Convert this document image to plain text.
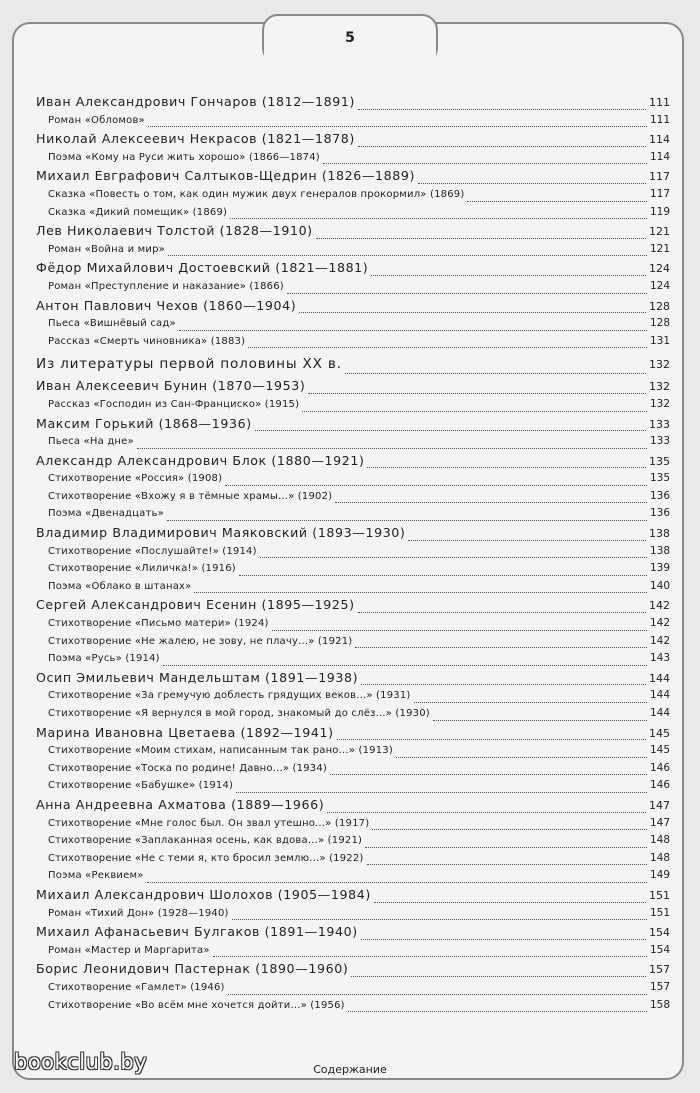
5
Иван Александрович Гончаров (1812—1891)	111
Роман «Обломов»	111
Николай Алексеевич Некрасов (1821—1878)	114
Поэма «Кому на Руси жить хорошо» (1866—1874)	114
Михаил Евграфович Салтыков-Щедрин (1826—1889)	117
Сказка «Повесть о том, как один мужик двух генералов прокормил» (1869)	117
Сказка «Дикий помещик» (1869)	119
Лев Николаевич Толстой (1828—1910)	121
Роман «Война и мир»	121
Фёдор Михайлович Достоевский (1821—1881)	124
Роман «Преступление и наказание» (1866)	124
Антон Павлович Чехов (1860—1904)	128
Пьеса «Вишнёвый сад»	128
Рассказ «Смерть чиновника» (1883)	131
Из литературы первой половины XX в.	132
Иван Алексеевич Бунин (1870—1953)	132
Рассказ «Господин из Сан-Франциско» (1915)	132
Максим Горький (1868—1936)	133
Пьеса «На дне»	133
Александр Александрович Блок (1880—1921)	135
Стихотворение «Россия» (1908)	135
Стихотворение «Вхожу я в тёмные храмы...» (1902)	136
Поэма «Двенадцать»	136
Владимир Владимирович Маяковский (1893—1930)	138
Стихотворение «Послушайте!» (1914)	138
Стихотворение «Лиличка!» (1916)	139
Поэма «Облако в штанах»	140
Сергей Александрович Есенин (1895—1925)	142
Стихотворение «Письмо матери» (1924)	142
Стихотворение «Не жалею, не зову, не плачу...» (1921)	142
Поэма «Русь» (1914)	143
Осип Эмильевич Мандельштам (1891—1938)	144
Стихотворение «За гремучую доблесть грядущих веков...» (1931)	144
Стихотворение «Я вернулся в мой город, знакомый до слёз...» (1930)	144
Марина Ивановна Цветаева (1892—1941)	145
Стихотворение «Моим стихам, написанным так рано...» (1913)	145
Стихотворение «Тоска по родине! Давно...» (1934)	146
Стихотворение «Бабушке» (1914)	146
Анна Андреевна Ахматова (1889—1966)	147
Стихотворение «Мне голос был. Он звал утешно...» (1917)	147
Стихотворение «Заплаканная осень, как вдова...» (1921)	148
Стихотворение «Не с теми я, кто бросил землю...» (1922)	148
Поэма «Реквием»	149
Михаил Александрович Шолохов (1905—1984)	151
Роман «Тихий Дон» (1928—1940)	151
Михаил Афанасьевич Булгаков (1891—1940)	154
Роман «Мастер и Маргарита»	154
Борис Леонидович Пастернак (1890—1960)	157
Стихотворение «Гамлет» (1946)	157
Стихотворение «Во всём мне хочется дойти...» (1956)	158
Содержание
bookclub.by
